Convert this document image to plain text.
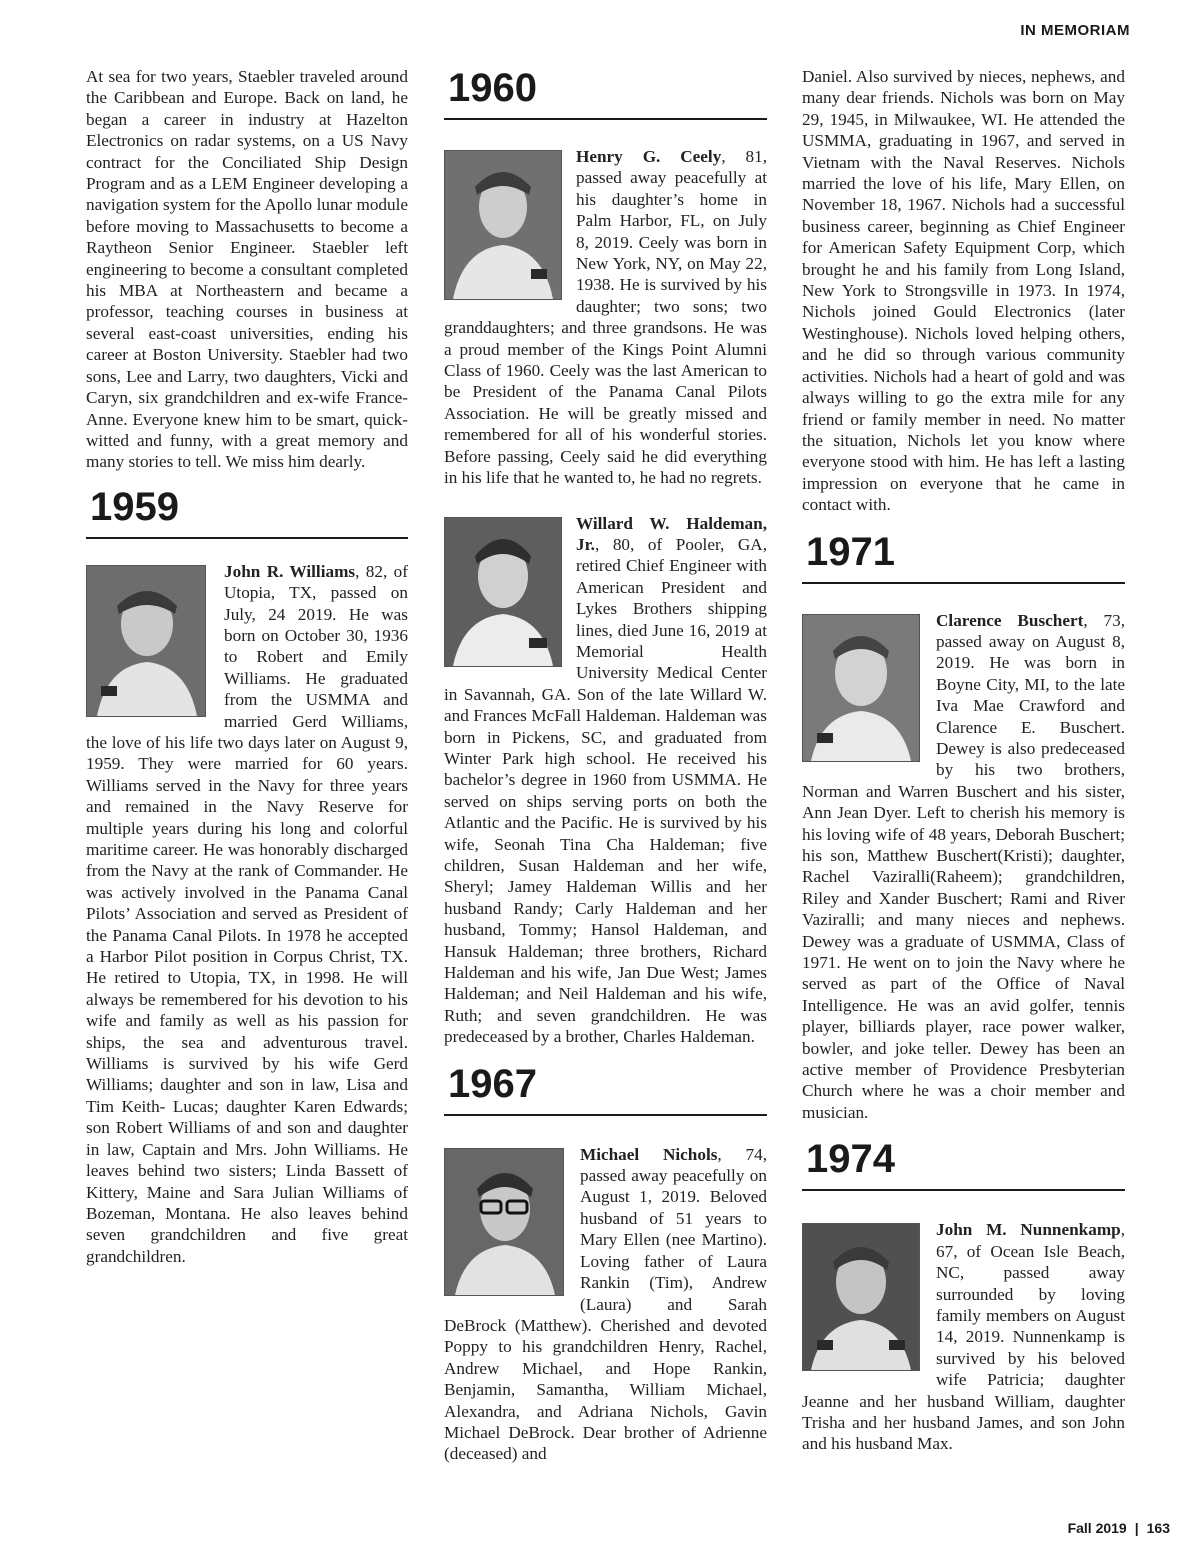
IN MEMORIAM

At sea for two years, Staebler traveled around the Caribbean and Europe. Back on land, he began a career in industry at Hazelton Electronics on radar systems, on a US Navy contract for the Conciliated Ship Design Program and as a LEM Engineer developing a navigation system for the Apollo lunar module before moving to Massachusetts to become a Raytheon Senior Engineer. Staebler left engineering to become a consultant completed his MBA at Northeastern and became a professor, teaching courses in business at several east-coast universities, ending his career at Boston University. Staebler had two sons, Lee and Larry, two daughters, Vicki and Caryn, six grandchildren and ex-wife France-Anne. Everyone knew him to be smart, quick-witted and funny, with a great memory and many stories to tell. We miss him dearly.

1959

John R. Williams, 82, of Utopia, TX, passed on July, 24 2019. He was born on October 30, 1936 to Robert and Emily Williams. He graduated from the USMMA and married Gerd Williams, the love of his life two days later on August 9, 1959. They were married for 60 years. Williams served in the Navy for three years and remained in the Navy Reserve for multiple years during his long and colorful maritime career. He was honorably discharged from the Navy at the rank of Commander. He was actively involved in the Panama Canal Pilots’ Association and served as President of the Panama Canal Pilots. In 1978 he accepted a Harbor Pilot position in Corpus Christ, TX. He retired to Utopia, TX, in 1998. He will always be remembered for his devotion to his wife and family as well as his passion for ships, the sea and adventurous travel. Williams is survived by his wife Gerd Williams; daughter and son in law, Lisa and Tim Keith- Lucas; daughter Karen Edwards; son Robert Williams of and son and daughter in law, Captain and Mrs. John Williams. He leaves behind two sisters; Linda Bassett of Kittery, Maine and Sara Julian Williams of Bozeman, Montana. He also leaves behind seven grandchildren and five great grandchildren.

1960

Henry G. Ceely, 81, passed away peacefully at his daughter’s home in Palm Harbor, FL, on July 8, 2019. Ceely was born in New York, NY, on May 22, 1938. He is survived by his daughter; two sons; two granddaughters; and three grandsons. He was a proud member of the Kings Point Alumni Class of 1960. Ceely was the last American to be President of the Panama Canal Pilots Association. He will be greatly missed and remembered for all of his wonderful stories. Before passing, Ceely said he did everything in his life that he wanted to, he had no regrets.

Willard W. Haldeman, Jr., 80, of Pooler, GA, retired Chief Engineer with American President and Lykes Brothers shipping lines, died June 16, 2019 at Memorial Health University Medical Center in Savannah, GA. Son of the late Willard W. and Frances McFall Haldeman. Haldeman was born in Pickens, SC, and graduated from Winter Park high school. He received his bachelor’s degree in 1960 from USMMA. He served on ships serving ports on both the Atlantic and the Pacific. He is survived by his wife, Seonah Tina Cha Haldeman; five children, Susan Haldeman and her wife, Sheryl; Jamey Haldeman Willis and her husband Randy; Carly Haldeman and her husband, Tommy; Hansol Haldeman, and Hansuk Haldeman; three brothers, Richard Haldeman and his wife, Jan Due West; James Haldeman; and Neil Haldeman and his wife, Ruth; and seven grandchildren. He was predeceased by a brother, Charles Haldeman.

1967

Michael Nichols, 74, passed away peacefully on August 1, 2019. Beloved husband of 51 years to Mary Ellen (nee Martino). Loving father of Laura Rankin (Tim), Andrew (Laura) and Sarah DeBrock (Matthew). Cherished and devoted Poppy to his grandchildren Henry, Rachel, Andrew Michael, and Hope Rankin, Benjamin, Samantha, William Michael, Alexandra, and Adriana Nichols, Gavin Michael DeBrock. Dear brother of Adrienne (deceased) and

Daniel. Also survived by nieces, nephews, and many dear friends. Nichols was born on May 29, 1945, in Milwaukee, WI. He attended the USMMA, graduating in 1967, and served in Vietnam with the Naval Reserves. Nichols married the love of his life, Mary Ellen, on November 18, 1967. Nichols had a successful business career, beginning as Chief Engineer for American Safety Equipment Corp, which brought he and his family from Long Island, New York to Strongsville in 1973. In 1974, Nichols joined Gould Electronics (later Westinghouse). Nichols loved helping others, and he did so through various community activities. Nichols had a heart of gold and was always willing to go the extra mile for any friend or family member in need. No matter the situation, Nichols let you know where everyone stood with him. He has left a lasting impression on everyone that he came in contact with.

1971

Clarence Buschert, 73, passed away on August 8, 2019. He was born in Boyne City, MI, to the late Iva Mae Crawford and Clarence E. Buschert. Dewey is also predeceased by his two brothers, Norman and Warren Buschert and his sister, Ann Jean Dyer. Left to cherish his memory is his loving wife of 48 years, Deborah Buschert; his son, Matthew Buschert(Kristi); daughter, Rachel Vaziralli(Raheem); grandchildren, Riley and Xander Buschert; Rami and River Vaziralli; and many nieces and nephews. Dewey was a graduate of USMMA, Class of 1971. He went on to join the Navy where he served as part of the Office of Naval Intelligence. He was an avid golfer, tennis player, billiards player, race power walker, bowler, and joke teller. Dewey has been an active member of Providence Presbyterian Church where he was a choir member and musician.

1974

John M. Nunnenkamp, 67, of Ocean Isle Beach, NC, passed away surrounded by loving family members on August 14, 2019. Nunnenkamp is survived by his beloved wife Patricia; daughter Jeanne and her husband William, daughter Trisha and her husband James, and son John and his husband Max.

Fall 2019 | 163
